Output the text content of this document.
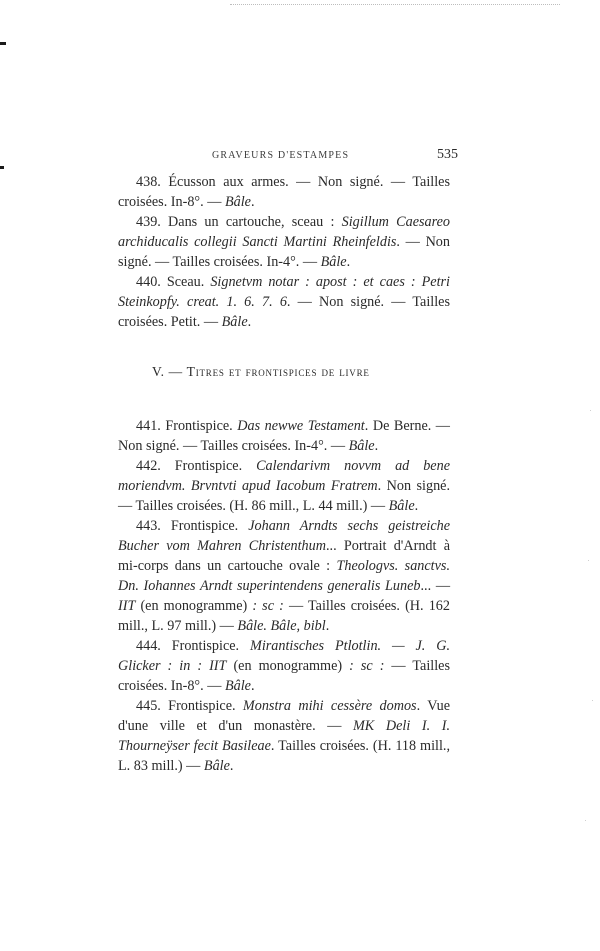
GRAVEURS D'ESTAMPES	535

438. Écusson aux armes. — Non signé. — Tailles croisées. In-8°. — Bâle.

439. Dans un cartouche, sceau : Sigillum Caesareo archiducalis collegii Sancti Martini Rheinfeldis. — Non signé. — Tailles croisées. In-4°. — Bâle.

440. Sceau. Signetvm notar : apost : et caes : Petri Steinkopfy. creat. 1. 6. 7. 6. — Non signé. — Tailles croisées. Petit. — Bâle.

V. — Titres et frontispices de livre

441. Frontispice. Das newwe Testament. De Berne. — Non signé. — Tailles croisées. In-4°. — Bâle.

442. Frontispice. Calendarivm novvm ad bene moriendvm. Brvntvti apud Iacobum Fratrem. Non signé. — Tailles croisées. (H. 86 mill., L. 44 mill.) — Bâle.

443. Frontispice. Johann Arndts sechs geistreiche Bucher vom Mahren Christenthum... Portrait d'Arndt à mi-corps dans un cartouche ovale : Theologvs. sanctvs. Dn. Iohannes Arndt superintendens generalis Luneb... — IIT (en monogramme) : sc : — Tailles croisées. (H. 162 mill., L. 97 mill.) — Bâle. Bâle, bibl.

444. Frontispice. Mirantisches Ptlotlin. — J. G. Glicker : in : IIT (en monogramme) : sc : — Tailles croisées. In-8°. — Bâle.

445. Frontispice. Monstra mihi cessère domos. Vue d'une ville et d'un monastère. — MK Deli I. I. Thourneÿser fecit Basileae. Tailles croisées. (H. 118 mill., L. 83 mill.) — Bâle.
